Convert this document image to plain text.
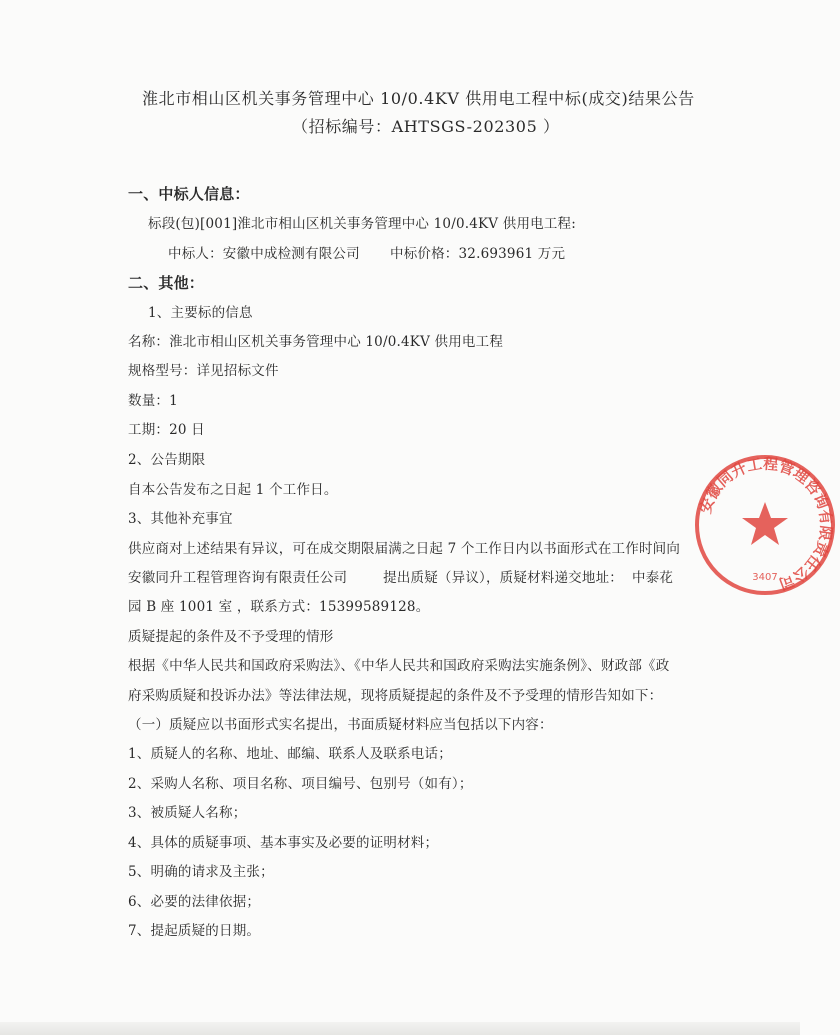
淮北市相山区机关事务管理中心 10/0.4KV 供用电工程中标(成交)结果公告
（招标编号：AHTSGS-202305 ）
一、中标人信息：
标段(包)[001]淮北市相山区机关事务管理中心 10/0.4KV 供用电工程:
中标人：安徽中成检测有限公司 中标价格：32.693961 万元
二、其他：
1、主要标的信息
名称：淮北市相山区机关事务管理中心 10/0.4KV 供用电工程
规格型号：详见招标文件
数量：1
工期：20 日
2、公告期限
自本公告发布之日起 1 个工作日。
3、其他补充事宜
供应商对上述结果有异议，可在成交期限届满之日起 7 个工作日内以书面形式在工作时间向
安徽同升工程管理咨询有限责任公司        提出质疑（异议），质疑材料递交地址：  中泰花
园 B 座 1001 室 ，联系方式：15399589128。
质疑提起的条件及不予受理的情形
根据《中华人民共和国政府采购法》、《中华人民共和国政府采购法实施条例》、财政部《政
府采购质疑和投诉办法》等法律法规，现将质疑提起的条件及不予受理的情形告知如下：
（一）质疑应以书面形式实名提出，书面质疑材料应当包括以下内容：
1、质疑人的名称、地址、邮编、联系人及联系电话；
2、采购人名称、项目名称、项目编号、包别号（如有）；
3、被质疑人名称；
4、具体的质疑事项、基本事实及必要的证明材料；
5、明确的请求及主张；
6、必要的法律依据；
7、提起质疑的日期。
安徽同升工程管理咨询有限责任公司
3407
